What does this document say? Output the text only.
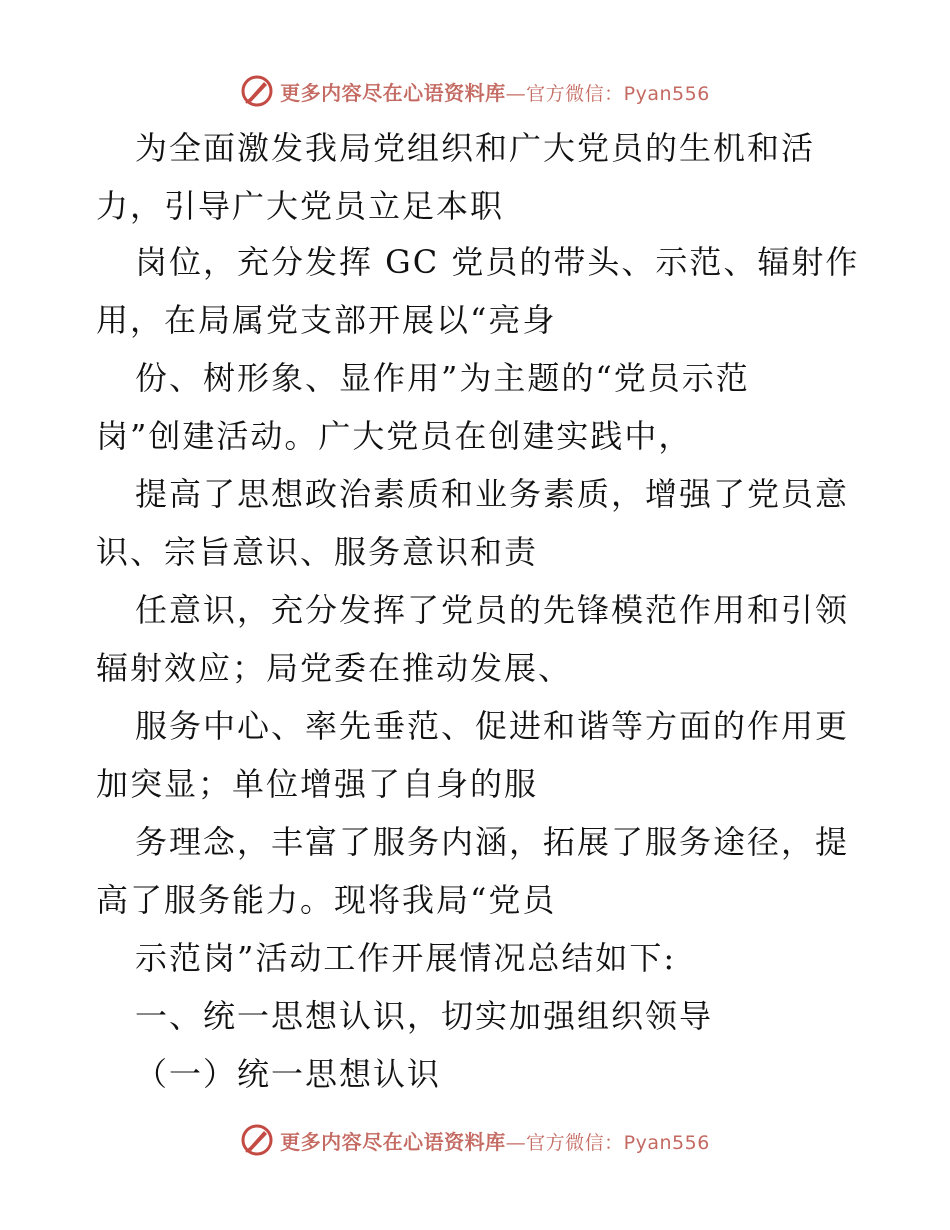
更多内容尽在心语资料库—官方微信：Pyan556
为全面激发我局党组织和广大党员的生机和活
力，引导广大党员立足本职
岗位，充分发挥 GC 党员的带头、示范、辐射作
用，在局属党支部开展以“亮身
份、树形象、显作用”为主题的“党员示范
岗”创建活动。广大党员在创建实践中，
提高了思想政治素质和业务素质，增强了党员意
识、宗旨意识、服务意识和责
任意识，充分发挥了党员的先锋模范作用和引领
辐射效应；局党委在推动发展、
服务中心、率先垂范、促进和谐等方面的作用更
加突显；单位增强了自身的服
务理念，丰富了服务内涵，拓展了服务途径，提
高了服务能力。现将我局“党员
示范岗”活动工作开展情况总结如下:
一、统一思想认识，切实加强组织领导
（一）统一思想认识
更多内容尽在心语资料库—官方微信：Pyan556
